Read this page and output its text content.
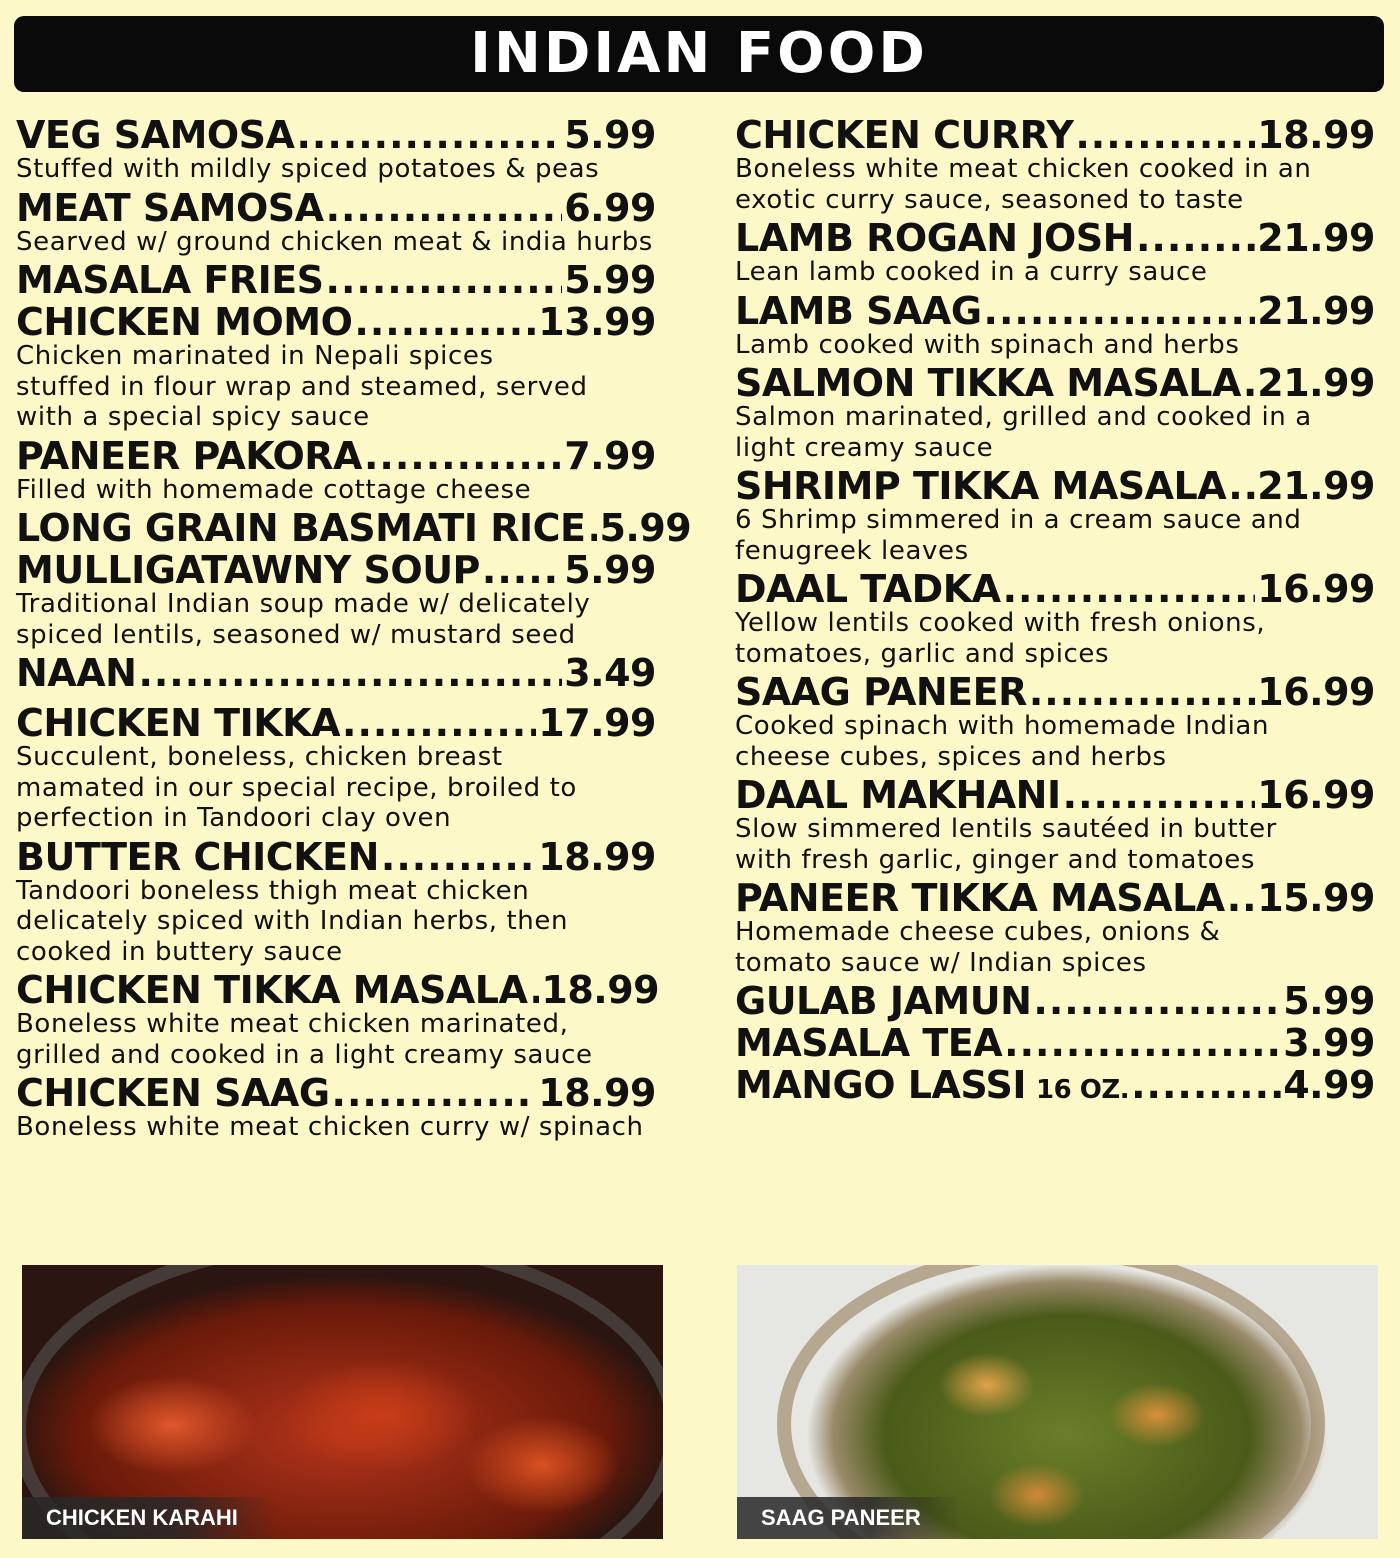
INDIAN FOOD
VEG SAMOSA .....	5.99
Stuffed with mildly spiced potatoes & peas
MEAT SAMOSA .....	6.99
Searved w/ ground chicken meat & india hurbs
MASALA FRIES .....	5.99
CHICKEN MOMO .....	13.99
Chicken marinated in Nepali spices
stuffed in flour wrap and steamed, served
with a special spicy sauce
PANEER PAKORA .....	7.99
Filled with homemade cottage cheese
LONG GRAIN BASMATI RICE ..... 5.99
MULLIGATAWNY SOUP ..... 5.99
Traditional Indian soup made w/ delicately
spiced lentils, seasoned w/ mustard seed
NAAN .....	3.49
CHICKEN TIKKA .....	17.99
Succulent, boneless, chicken breast
mamated in our special recipe, broiled to
perfection in Tandoori clay oven
BUTTER CHICKEN .....	18.99
Tandoori boneless thigh meat chicken
delicately spiced with Indian herbs, then
cooked in buttery sauce
CHICKEN TIKKA MASALA ..... 18.99
Boneless white meat chicken marinated,
grilled and cooked in a light creamy sauce
CHICKEN SAAG .....	18.99
Boneless white meat chicken curry w/ spinach
CHICKEN CURRY .....	18.99
Boneless white meat chicken cooked in an
exotic curry sauce, seasoned to taste
LAMB ROGAN JOSH .....	21.99
Lean lamb cooked in a curry sauce
LAMB SAAG .....	21.99
Lamb cooked with spinach and herbs
SALMON TIKKA MASALA ..... 21.99
Salmon marinated, grilled and cooked in a
light creamy sauce
SHRIMP TIKKA MASALA ..... 21.99
6 Shrimp simmered in a cream sauce and
fenugreek leaves
DAAL TADKA .....	16.99
Yellow lentils cooked with fresh onions,
tomatoes, garlic and spices
SAAG PANEER .....	16.99
Cooked spinach with homemade Indian
cheese cubes, spices and herbs
DAAL MAKHANI .....	16.99
Slow simmered lentils sautéed in butter
with fresh garlic, ginger and tomatoes
PANEER TIKKA MASALA ..... 15.99
Homemade cheese cubes, onions &
tomato sauce w/ Indian spices
GULAB JAMUN .....	5.99
MASALA TEA .....	3.99
MANGO LASSI 16 OZ. .....	4.99
CHICKEN KARAHI	SAAG PANEER
